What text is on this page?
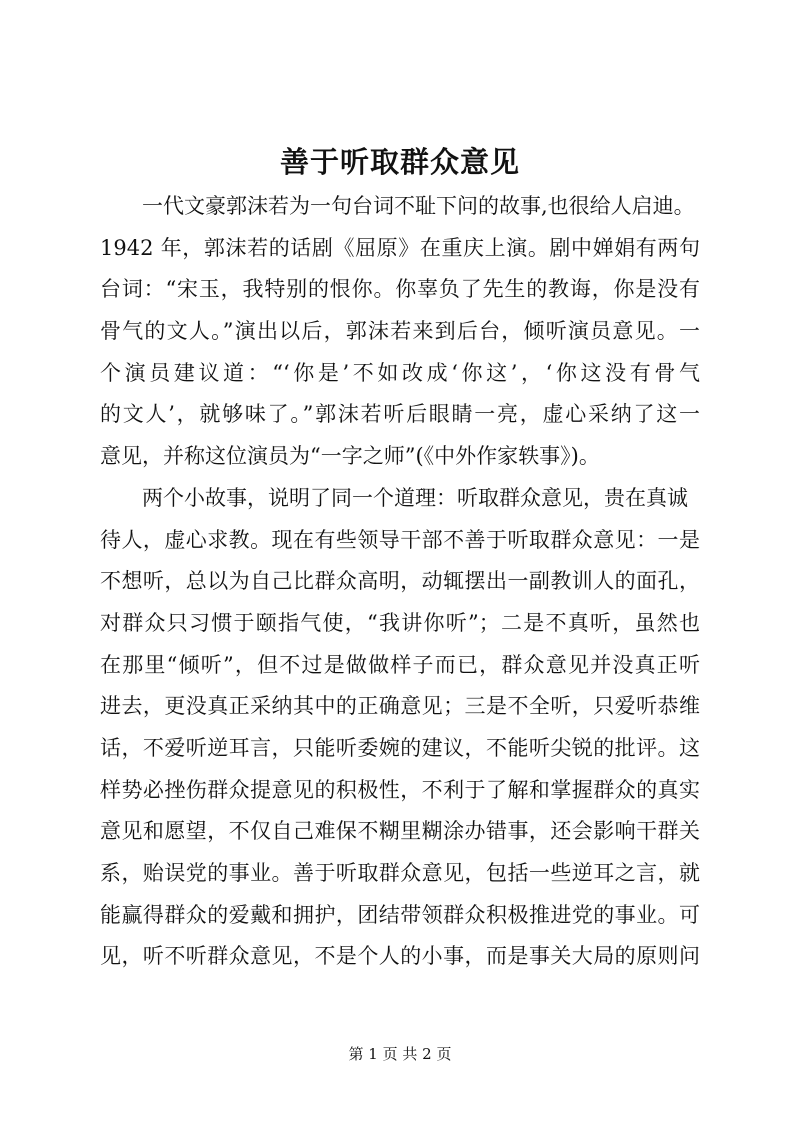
善于听取群众意见
一代文豪郭沫若为一句台词不耻下问的故事,也很给人启迪。
1942 年，郭沫若的话剧《屈原》在重庆上演。剧中婵娟有两句
台词：“宋玉，我特别的恨你。你辜负了先生的教诲，你是没有
骨气的文人。”演出以后，郭沫若来到后台，倾听演员意见。一
个演员建议道：“‘你是’不如改成‘你这’，‘你这没有骨气
的文人’，就够味了。”郭沫若听后眼睛一亮，虚心采纳了这一
意见，并称这位演员为“一字之师”(《中外作家轶事》)。
两个小故事，说明了同一个道理：听取群众意见，贵在真诚
待人，虚心求教。现在有些领导干部不善于听取群众意见：一是
不想听，总以为自己比群众高明，动辄摆出一副教训人的面孔，
对群众只习惯于颐指气使，“我讲你听”；二是不真听，虽然也
在那里“倾听”，但不过是做做样子而已，群众意见并没真正听
进去，更没真正采纳其中的正确意见；三是不全听，只爱听恭维
话，不爱听逆耳言，只能听委婉的建议，不能听尖锐的批评。这
样势必挫伤群众提意见的积极性，不利于了解和掌握群众的真实
意见和愿望，不仅自己难保不糊里糊涂办错事，还会影响干群关
系，贻误党的事业。善于听取群众意见，包括一些逆耳之言，就
能赢得群众的爱戴和拥护，团结带领群众积极推进党的事业。可
见，听不听群众意见，不是个人的小事，而是事关大局的原则问
第 1 页 共 2 页
